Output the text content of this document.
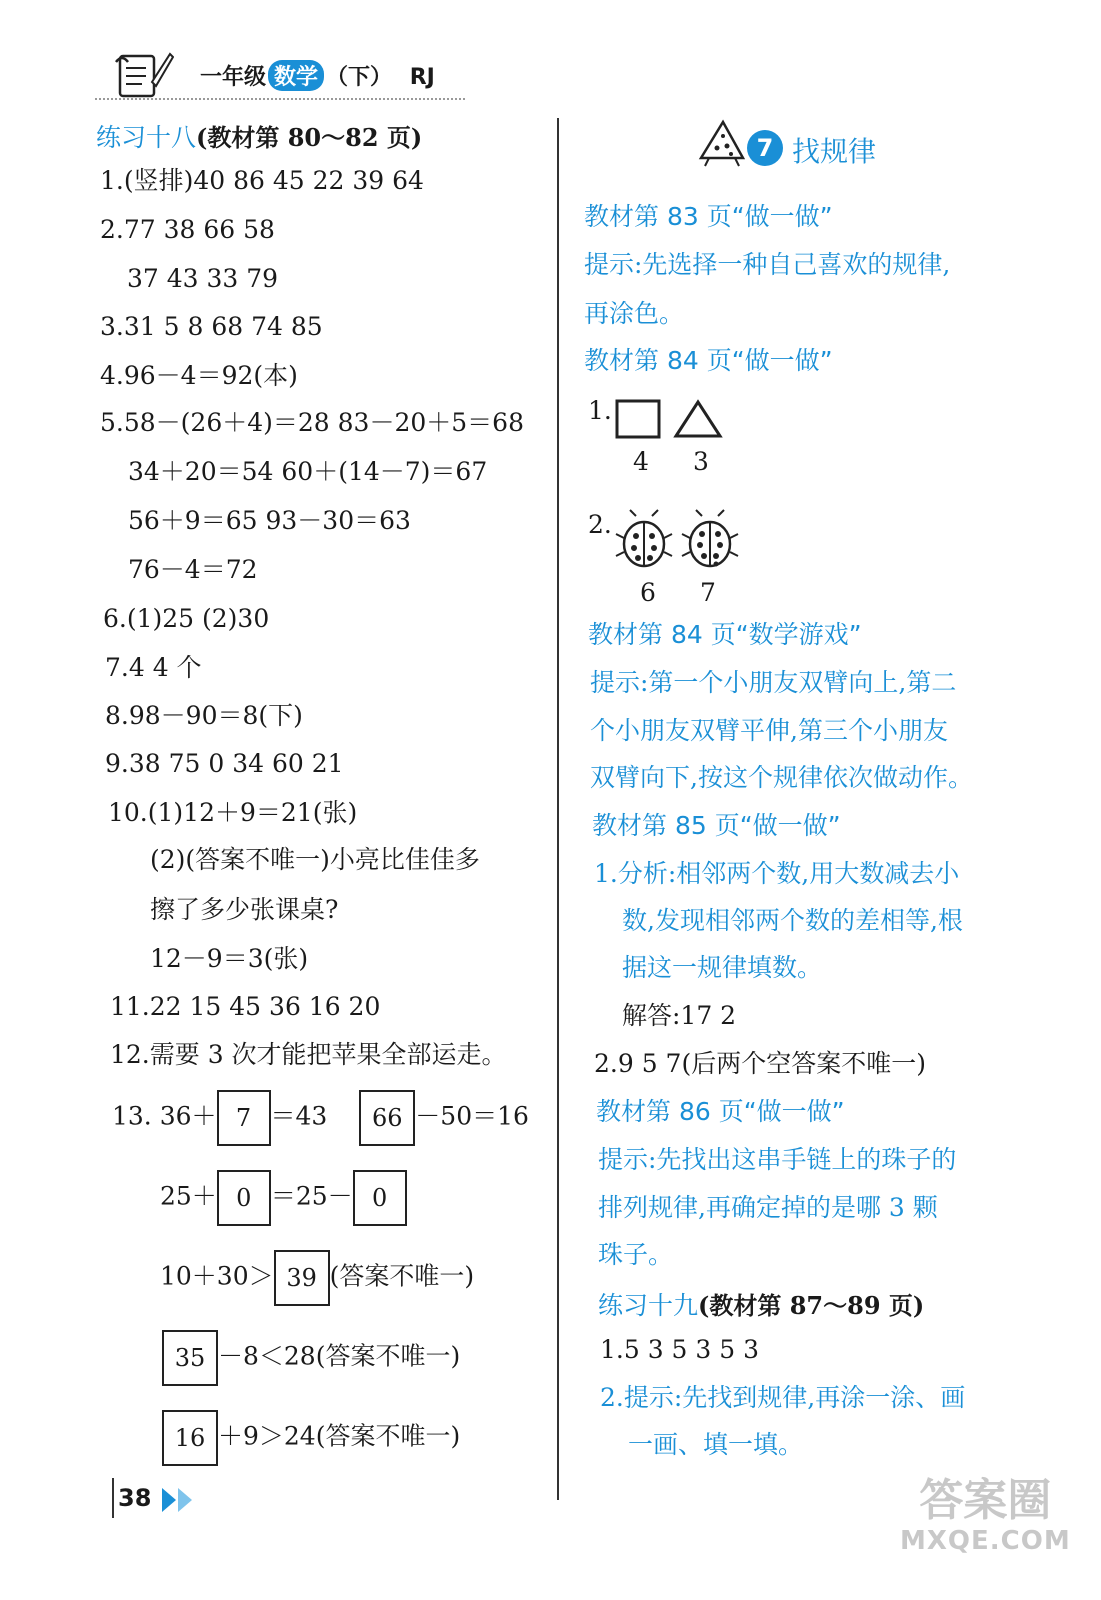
一年级 数学 （下） RJ
练习十八(教材第 80～82 页)
1.(竖排)40 86 45 22 39 64
2.77 38 66 58
37 43 33 79
3.31 5 8 68 74 85
4.96－4＝92(本)
5.58－(26＋4)＝28 83－20＋5＝68
34＋20＝54 60＋(14－7)＝67
56＋9＝65 93－30＝63
76－4＝72
6.(1)25 (2)30
7.4 4 个
8.98－90＝8(下)
9.38 75 0 34 60 21
10.(1)12＋9＝21(张)
(2)(答案不唯一)小亮比佳佳多
擦了多少张课桌?
12－9＝3(张)
11.22 15 45 36 16 20
12.需要 3 次才能把苹果全部运走。
13. 36＋ 7 ＝43 66 －50＝16
25＋ 0 ＝25－ 0
10＋30＞ 39 (答案不唯一)
35 －8＜28(答案不唯一)
16 ＋9＞24(答案不唯一)
38
7 找规律
教材第 83 页“做一做”
提示:先选择一种自己喜欢的规律,
再涂色。
教材第 84 页“做一做”
1.
4 3
2.
6 7
教材第 84 页“数学游戏”
提示:第一个小朋友双臂向上,第二
个小朋友双臂平伸,第三个小朋友
双臂向下,按这个规律依次做动作。
教材第 85 页“做一做”
1.分析:相邻两个数,用大数减去小
数,发现相邻两个数的差相等,根
据这一规律填数。
解答:17 2
2.9 5 7(后两个空答案不唯一)
教材第 86 页“做一做”
提示:先找出这串手链上的珠子的
排列规律,再确定掉的是哪 3 颗
珠子。
练习十九(教材第 87～89 页)
1.5 3 5 3 5 3
2.提示:先找到规律,再涂一涂、画
一画、填一填。
答案圈
MXQE.COM
